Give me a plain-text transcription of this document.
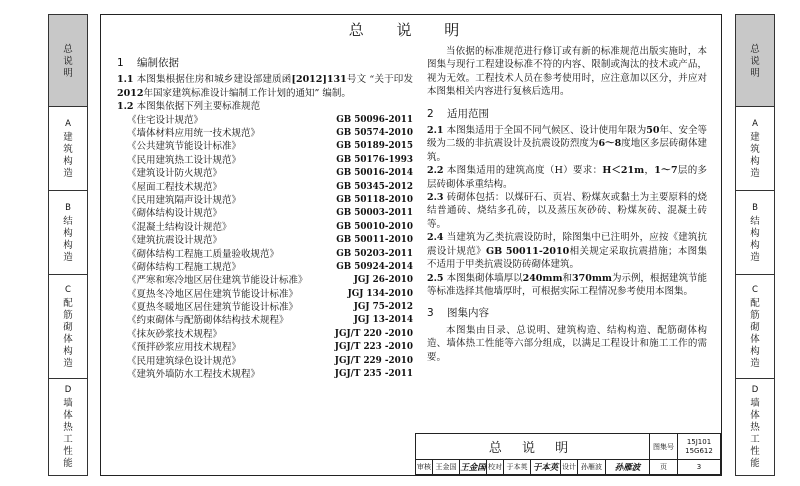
总说明
A
建筑构造
B
结构构造
C
配筋砌体构造
D
墙体热工性能
总说明
A
建筑构造
B
结构构造
C
配筋砌体构造
D
墙体热工性能
总 说 明
1 编制依据

1.1 本图集根据住房和城乡建设部建质函[2012]131号文 “关于印发2012年国家建筑标准设计编制工作计划的通知” 编制。

1.2 本图集依据下列主要标准规范

《住宅设计规范》	GB 50096-2011
《墙体材料应用统一技术规范》	GB 50574-2010
《公共建筑节能设计标准》	GB 50189-2015
《民用建筑热工设计规范》	GB 50176-1993
《建筑设计防火规范》	GB 50016-2014
《屋面工程技术规范》	GB 50345-2012
《民用建筑隔声设计规范》	GB 50118-2010
《砌体结构设计规范》	GB 50003-2011
《混凝土结构设计规范》	GB 50010-2010
《建筑抗震设计规范》	GB 50011-2010
《砌体结构工程施工质量验收规范》	GB 50203-2011
《砌体结构工程施工规范》	GB 50924-2014
《严寒和寒冷地区居住建筑节能设计标准》	JGJ 26-2010
《夏热冬冷地区居住建筑节能设计标准》	JGJ 134-2010
《夏热冬暖地区居住建筑节能设计标准》	JGJ 75-2012
《约束砌体与配筋砌体结构技术规程》	JGJ 13-2014
《抹灰砂浆技术规程》	JGJ/T 220 -2010
《预拌砂浆应用技术规程》	JGJ/T 223 -2010
《民用建筑绿色设计规范》	JGJ/T 229 -2010
《建筑外墙防水工程技术规程》	JGJ/T 235 -2011

当依据的标准规范进行修订或有新的标准规范出版实施时，本图集与现行工程建设标准不符的内容、限制或淘汰的技术或产品，视为无效。工程技术人员在参考使用时，应注意加以区分，并应对本图集相关内容进行复核后选用。

2 适用范围

2.1 本图集适用于全国不同气候区、设计使用年限为50年、安全等级为二级的非抗震设计及抗震设防烈度为6～8度地区多层砖砌体建筑。

2.2 本图集适用的建筑高度（H）要求：H＜21m，1～7层的多层砖砌体承重结构。

2.3 砖砌体包括：以煤矸石、页岩、粉煤灰或黏土为主要原料的烧结普通砖、烧结多孔砖，以及蒸压灰砂砖、粉煤灰砖、混凝土砖等。

2.4 当建筑为乙类抗震设防时，除图集中已注明外，应按《建筑抗震设计规范》GB 50011-2010相关规定采取抗震措施；本图集不适用于甲类抗震设防砖砌体建筑。

2.5 本图集砌体墙厚以240mm和370mm为示例，根据建筑节能等标准选择其他墙厚时，可根据实际工程情况参考使用本图集。

3 图集内容

本图集由目录、总说明、建筑构造、结构构造、配筋砌体构造、墙体热工性能等六部分组成，以满足工程设计和施工工作的需要。

总 说 明	图集号
15J101
15G612
审核 王金国 王金国 校对 于本英 于本英 设计 孙雁波	孙雁波	页	3
